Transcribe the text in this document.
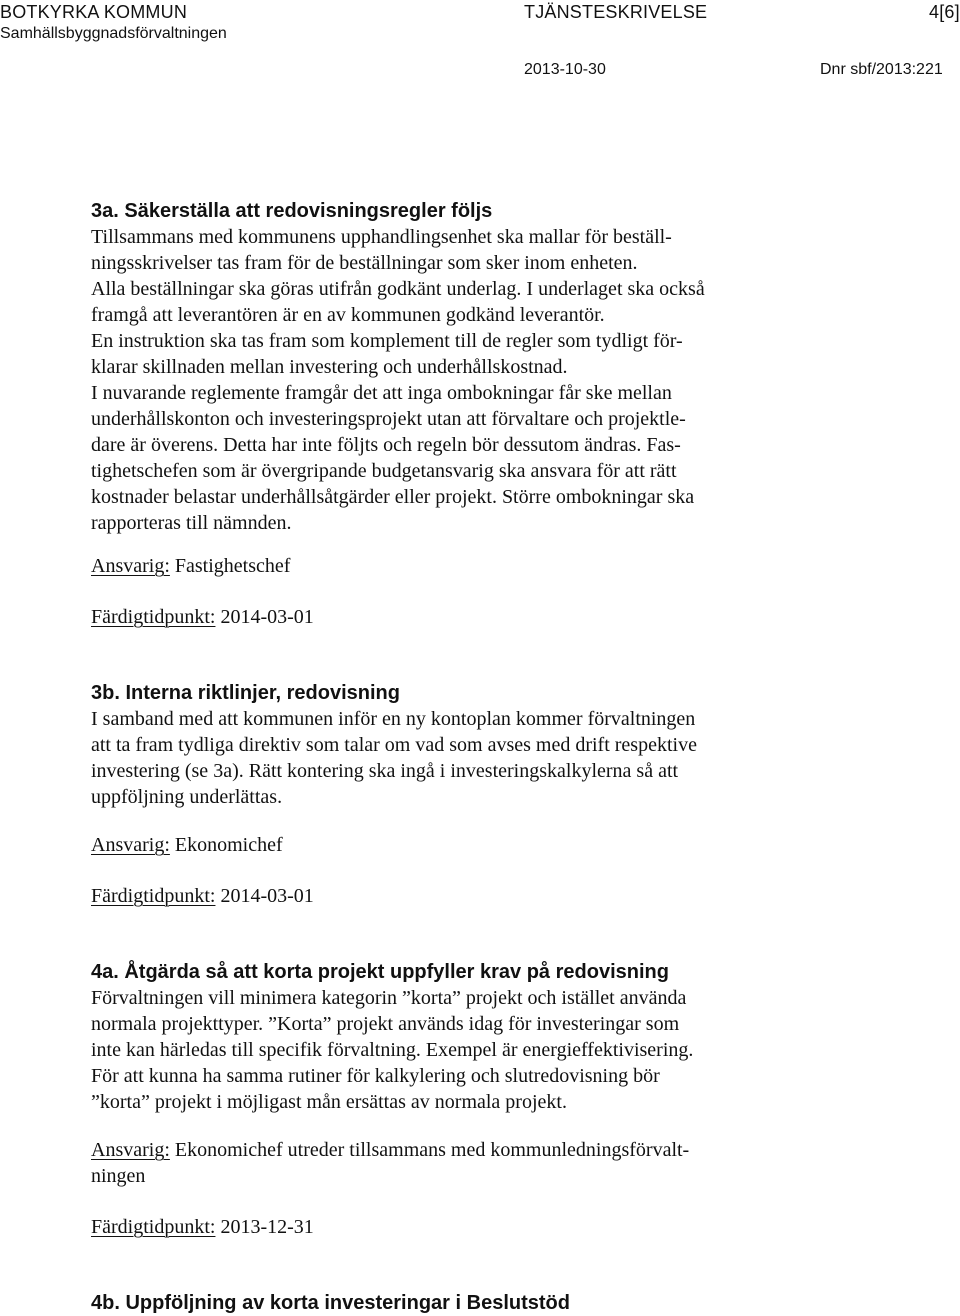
BOTKYRKA KOMMUN	TJÄNSTESKRIVELSE	4[6]
Samhällsbyggnadsförvaltningen
2013-10-30	Dnr sbf/2013:221
3a. Säkerställa att redovisningsregler följs
Tillsammans med kommunens upphandlingsenhet ska mallar för beställ-
ningsskrivelser tas fram för de beställningar som sker inom enheten.
Alla beställningar ska göras utifrån godkänt underlag. I underlaget ska också
framgå att leverantören är en av kommunen godkänd leverantör.
En instruktion ska tas fram som komplement till de regler som tydligt för-
klarar skillnaden mellan investering och underhållskostnad.
I nuvarande reglemente framgår det att inga ombokningar får ske mellan
underhållskonton och investeringsprojekt utan att förvaltare och projektle-
dare är överens. Detta har inte följts och regeln bör dessutom ändras. Fas-
tighetschefen som är övergripande budgetansvarig ska ansvara för att rätt
kostnader belastar underhållsåtgärder eller projekt. Större ombokningar ska
rapporteras till nämnden.
Ansvarig: Fastighetschef
Färdigtidpunkt: 2014-03-01
3b. Interna riktlinjer, redovisning
I samband med att kommunen inför en ny kontoplan kommer förvaltningen
att ta fram tydliga direktiv som talar om vad som avses med drift respektive
investering (se 3a). Rätt kontering ska ingå i investeringskalkylerna så att
uppföljning underlättas.
Ansvarig: Ekonomichef
Färdigtidpunkt: 2014-03-01
4a. Åtgärda så att korta projekt uppfyller krav på redovisning
Förvaltningen vill minimera kategorin ”korta” projekt och istället använda
normala projekttyper. ”Korta” projekt används idag för investeringar som
inte kan härledas till specifik förvaltning. Exempel är energieffektivisering.
För att kunna ha samma rutiner för kalkylering och slutredovisning bör
”korta” projekt i möjligast mån ersättas av normala projekt.
Ansvarig: Ekonomichef utreder tillsammans med kommunledningsförvalt-
ningen
Färdigtidpunkt: 2013-12-31
4b. Uppföljning av korta investeringar i Beslutstöd
